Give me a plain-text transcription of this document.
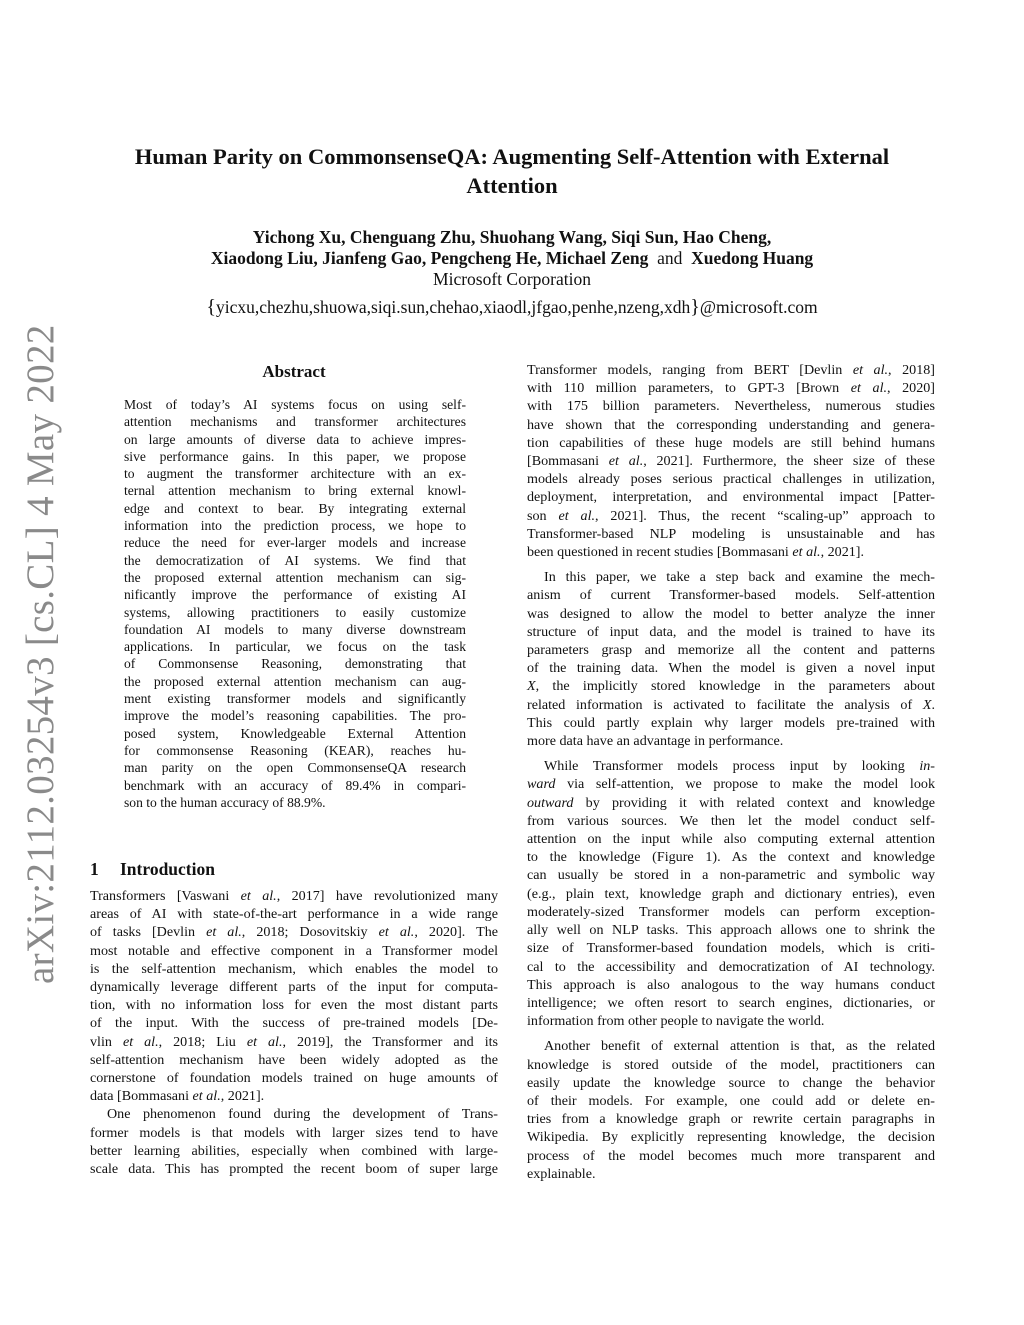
arXiv:2112.03254v3 [cs.CL] 4 May 2022
Human Parity on CommonsenseQA: Augmenting Self-Attention with External
Attention
Yichong Xu, Chenguang Zhu, Shuohang Wang, Siqi Sun, Hao Cheng,
Xiaodong Liu, Jianfeng Gao, Pengcheng He, Michael Zeng and Xuedong Huang
Microsoft Corporation
{yicxu,chezhu,shuowa,siqi.sun,chehao,xiaodl,jfgao,penhe,nzeng,xdh}@microsoft.com
Abstract
Most of today’s AI systems focus on using self-
attention mechanisms and transformer architectures
on large amounts of diverse data to achieve impres-
sive performance gains. In this paper, we propose
to augment the transformer architecture with an ex-
ternal attention mechanism to bring external knowl-
edge and context to bear. By integrating external
information into the prediction process, we hope to
reduce the need for ever-larger models and increase
the democratization of AI systems. We find that
the proposed external attention mechanism can sig-
nificantly improve the performance of existing AI
systems, allowing practitioners to easily customize
foundation AI models to many diverse downstream
applications. In particular, we focus on the task
of Commonsense Reasoning, demonstrating that
the proposed external attention mechanism can aug-
ment existing transformer models and significantly
improve the model’s reasoning capabilities. The pro-
posed system, Knowledgeable External Attention
for commonsense Reasoning (KEAR), reaches hu-
man parity on the open CommonsenseQA research
benchmark with an accuracy of 89.4% in compari-
son to the human accuracy of 88.9%.
1 Introduction
Transformers [Vaswani et al., 2017] have revolutionized many
areas of AI with state-of-the-art performance in a wide range
of tasks [Devlin et al., 2018; Dosovitskiy et al., 2020]. The
most notable and effective component in a Transformer model
is the self-attention mechanism, which enables the model to
dynamically leverage different parts of the input for computa-
tion, with no information loss for even the most distant parts
of the input. With the success of pre-trained models [De-
vlin et al., 2018; Liu et al., 2019], the Transformer and its
self-attention mechanism have been widely adopted as the
cornerstone of foundation models trained on huge amounts of
data [Bommasani et al., 2021].
One phenomenon found during the development of Trans-
former models is that models with larger sizes tend to have
better learning abilities, especially when combined with large-
scale data. This has prompted the recent boom of super large
Transformer models, ranging from BERT [Devlin et al., 2018]
with 110 million parameters, to GPT-3 [Brown et al., 2020]
with 175 billion parameters. Nevertheless, numerous studies
have shown that the corresponding understanding and genera-
tion capabilities of these huge models are still behind humans
[Bommasani et al., 2021]. Furthermore, the sheer size of these
models already poses serious practical challenges in utilization,
deployment, interpretation, and environmental impact [Patter-
son et al., 2021]. Thus, the recent “scaling-up” approach to
Transformer-based NLP modeling is unsustainable and has
been questioned in recent studies [Bommasani et al., 2021].
In this paper, we take a step back and examine the mech-
anism of current Transformer-based models. Self-attention
was designed to allow the model to better analyze the inner
structure of input data, and the model is trained to have its
parameters grasp and memorize all the content and patterns
of the training data. When the model is given a novel input
X, the implicitly stored knowledge in the parameters about
related information is activated to facilitate the analysis of X.
This could partly explain why larger models pre-trained with
more data have an advantage in performance.
While Transformer models process input by looking in-
ward via self-attention, we propose to make the model look
outward by providing it with related context and knowledge
from various sources. We then let the model conduct self-
attention on the input while also computing external attention
to the knowledge (Figure 1). As the context and knowledge
can usually be stored in a non-parametric and symbolic way
(e.g., plain text, knowledge graph and dictionary entries), even
moderately-sized Transformer models can perform exception-
ally well on NLP tasks. This approach allows one to shrink the
size of Transformer-based foundation models, which is criti-
cal to the accessibility and democratization of AI technology.
This approach is also analogous to the way humans conduct
intelligence; we often resort to search engines, dictionaries, or
information from other people to navigate the world.
Another benefit of external attention is that, as the related
knowledge is stored outside of the model, practitioners can
easily update the knowledge source to change the behavior
of their models. For example, one could add or delete en-
tries from a knowledge graph or rewrite certain paragraphs in
Wikipedia. By explicitly representing knowledge, the decision
process of the model becomes much more transparent and
explainable.
